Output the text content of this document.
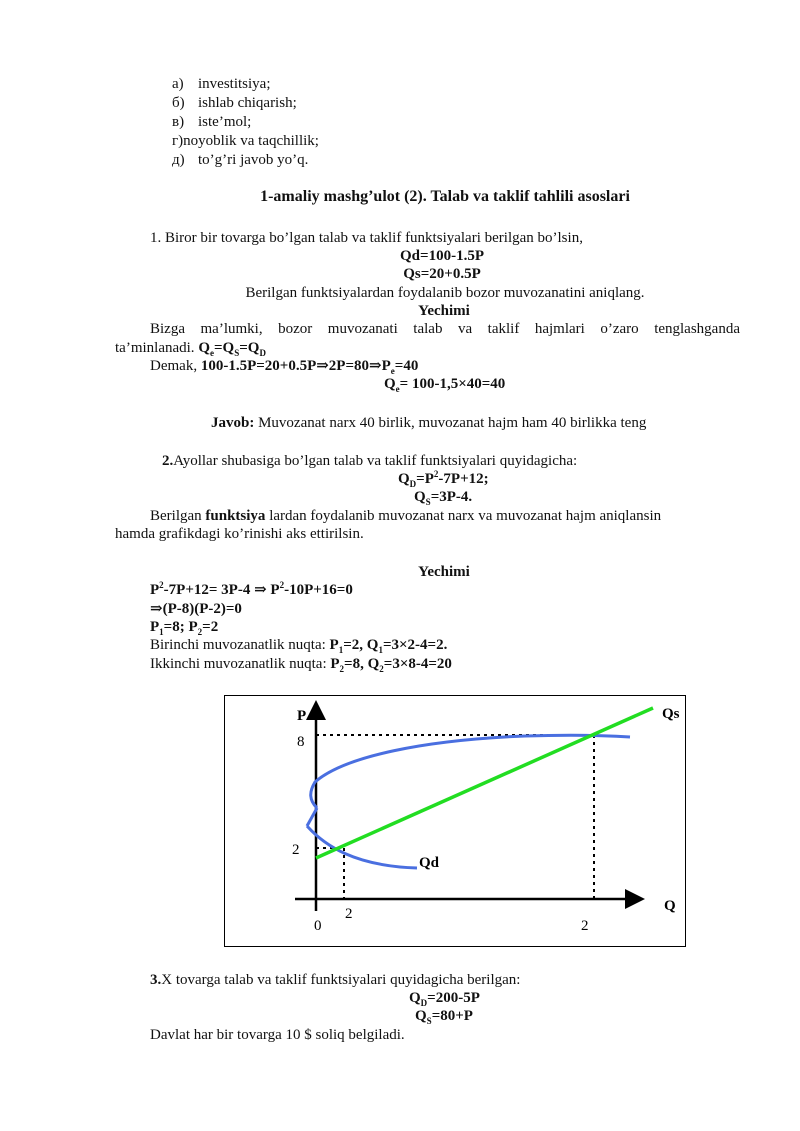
a) investitsiya;
б) ishlab chiqarish;
в) iste’mol;
г)noyoblik va taqchillik;
д) to’g’ri javob yo’q.
1-amaliy mashg’ulot (2). Talab va taklif tahlili asoslari
1. Biror bir tovarga bo’lgan talab va taklif funktsiyalari berilgan bo’lsin,
Qd=100-1.5P
Qs=20+0.5P
Berilgan funktsiyalardan foydalanib bozor muvozanatini aniqlang.
Yechimi
Bizga ma’lumki, bozor muvozanati talab va taklif hajmlari o’zaro tenglashganda
ta’minlanadi. $Q_e=Q_S=Q_D$
Demak, $100-1.5P=20+0.5P\Rightarrow 2P=80\Rightarrow P_e=40$
$Q_e= 100-1,5\times 40=40$
Javob: Muvozanat narx 40 birlik, muvozanat hajm ham 40 birlikka teng
2.Ayollar shubasiga bo’lgan talab va taklif funktsiyalari quyidagicha:
$Q_D=P^2-7P+12$;
$Q_S=3P-4$.
Berilgan funktsiya lardan foydalanib muvozanat narx va muvozanat hajm aniqlansin
hamda grafikdagi ko’rinishi aks ettirilsin.
Yechimi
$P^2-7P+12= 3P-4$ ⇒ $P^2-10P+16=0$
⇒(P-8)(P-2)=0
$P_1=8$; $P_2=2$
Birinchi muvozanatlik nuqta: $P_1=2$, $Q_1=3\times 2-4=2$.
Ikkinchi muvozanatlik nuqta: $P_2=8$, $Q_2=3\times 8-4=20$
P
Q
Qs
Qd
8
2
2
2
0
3.X tovarga talab va taklif funktsiyalari quyidagicha berilgan:
$Q_D=200-5P$
$Q_S=80+P$
Davlat har bir tovarga 10 $ soliq belgiladi.
